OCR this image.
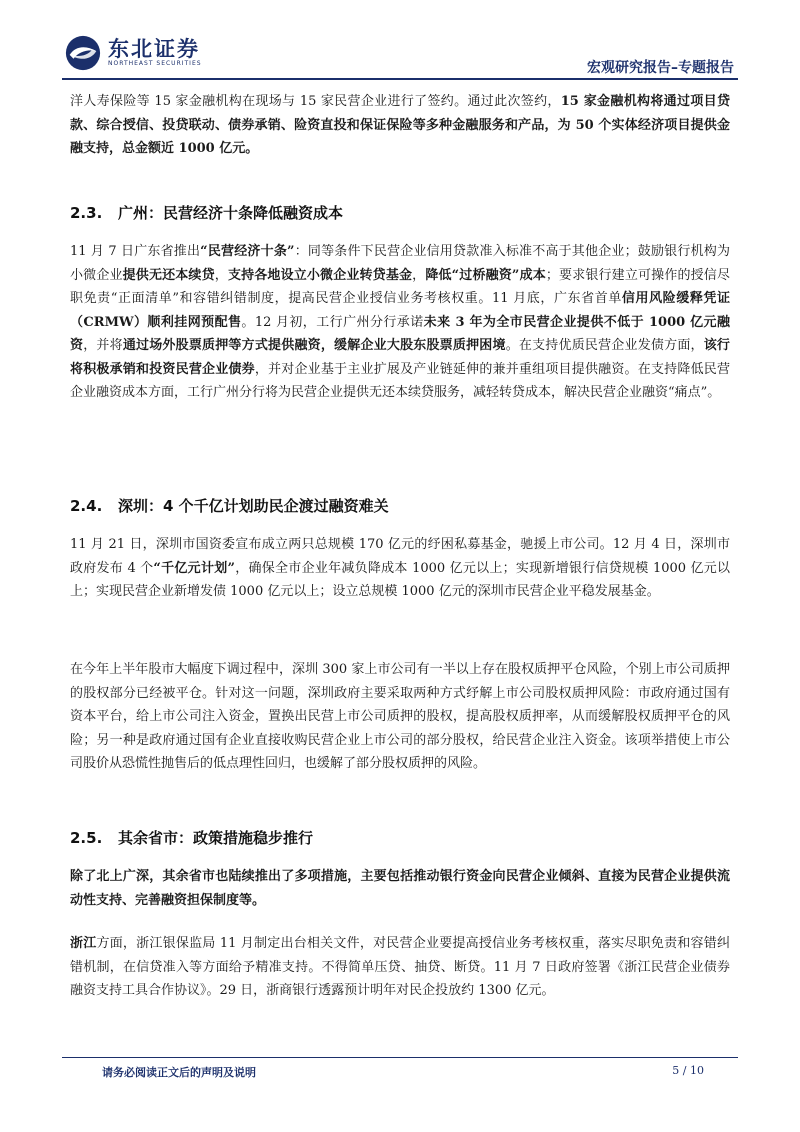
东北证券
NORTHEAST SECURITIES	宏观研究报告–专题报告

洋人寿保险等 15 家金融机构在现场与 15 家民营企业进行了签约。通过此次签约，15 家金融机构将通过项目贷款、综合授信、投贷联动、债券承销、险资直投和保证保险等多种金融服务和产品，为 50 个实体经济项目提供金融支持，总金额近 1000 亿元。

2.3. 广州：民营经济十条降低融资成本

11 月 7 日广东省推出“民营经济十条”：同等条件下民营企业信用贷款准入标准不高于其他企业；鼓励银行机构为小微企业提供无还本续贷，支持各地设立小微企业转贷基金，降低“过桥融资”成本；要求银行建立可操作的授信尽职免责“正面清单”和容错纠错制度，提高民营企业授信业务考核权重。11 月底，广东省首单信用风险缓释凭证（CRMW）顺利挂网预配售。12 月初，工行广州分行承诺未来 3 年为全市民营企业提供不低于 1000 亿元融资，并将通过场外股票质押等方式提供融资，缓解企业大股东股票质押困境。在支持优质民营企业发债方面，该行将积极承销和投资民营企业债券，并对企业基于主业扩展及产业链延伸的兼并重组项目提供融资。在支持降低民营企业融资成本方面，工行广州分行将为民营企业提供无还本续贷服务，减轻转贷成本，解决民营企业融资“痛点”。

2.4. 深圳：4 个千亿计划助民企渡过融资难关

11 月 21 日，深圳市国资委宣布成立两只总规模 170 亿元的纾困私募基金，驰援上市公司。12 月 4 日，深圳市政府发布 4 个“千亿元计划”，确保全市企业年减负降成本 1000 亿元以上；实现新增银行信贷规模 1000 亿元以上；实现民营企业新增发债 1000 亿元以上；设立总规模 1000 亿元的深圳市民营企业平稳发展基金。

在今年上半年股市大幅度下调过程中，深圳 300 家上市公司有一半以上存在股权质押平仓风险，个别上市公司质押的股权部分已经被平仓。针对这一问题，深圳政府主要采取两种方式纾解上市公司股权质押风险：市政府通过国有资本平台，给上市公司注入资金，置换出民营上市公司质押的股权，提高股权质押率，从而缓解股权质押平仓的风险；另一种是政府通过国有企业直接收购民营企业上市公司的部分股权，给民营企业注入资金。该项举措使上市公司股价从恐慌性抛售后的低点理性回归，也缓解了部分股权质押的风险。

2.5. 其余省市：政策措施稳步推行

除了北上广深，其余省市也陆续推出了多项措施，主要包括推动银行资金向民营企业倾斜、直接为民营企业提供流动性支持、完善融资担保制度等。

浙江方面，浙江银保监局 11 月制定出台相关文件，对民营企业要提高授信业务考核权重，落实尽职免责和容错纠错机制，在信贷准入等方面给予精准支持。不得简单压贷、抽贷、断贷。11 月 7 日政府签署《浙江民营企业债券融资支持工具合作协议》。29 日，浙商银行透露预计明年对民企投放约 1300 亿元。

请务必阅读正文后的声明及说明	5 / 10
